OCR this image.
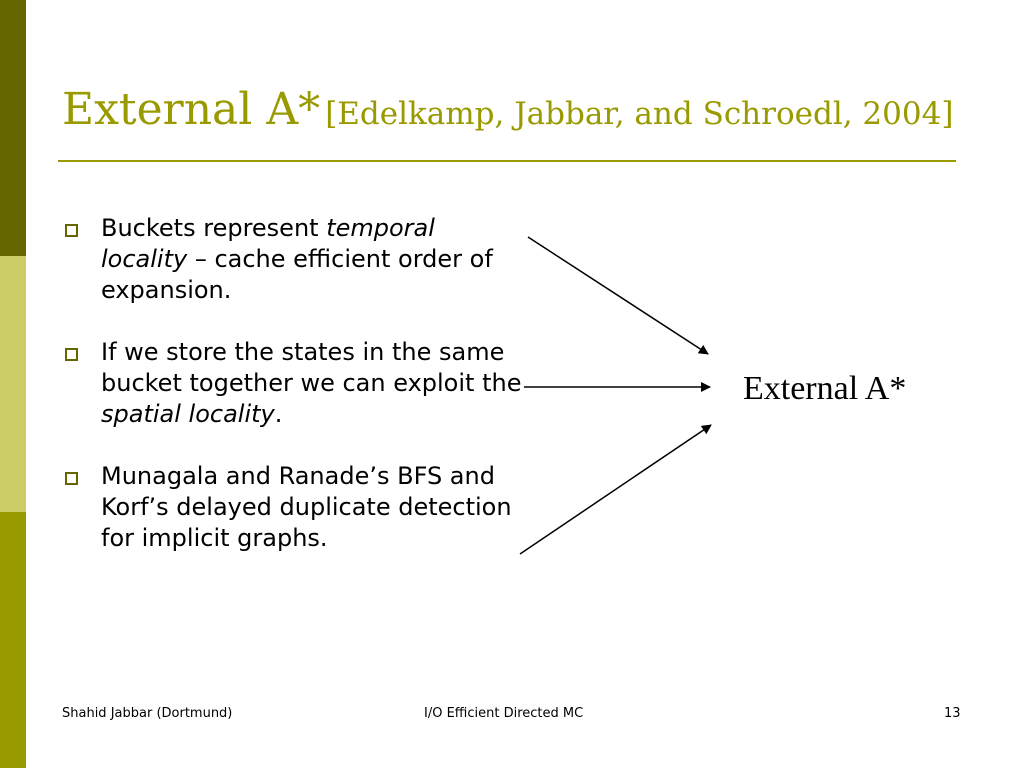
External A* [Edelkamp, Jabbar, and Schroedl, 2004]
Buckets represent temporal locality – cache efficient order of expansion.
If we store the states in the same bucket together we can exploit the spatial locality.
Munagala and Ranade’s BFS and Korf’s delayed duplicate detection for implicit graphs.
External A*
Shahid Jabbar (Dortmund)	I/O Efficient Directed MC	13
